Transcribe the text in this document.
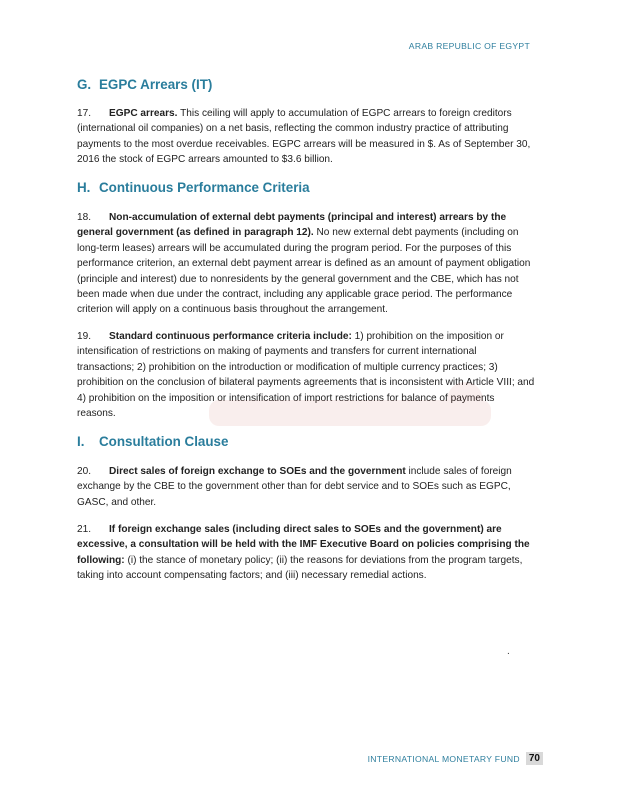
ARAB REPUBLIC OF EGYPT
G. EGPC Arrears (IT)

17. EGPC arrears. This ceiling will apply to accumulation of EGPC arrears to foreign creditors (international oil companies) on a net basis, reflecting the common industry practice of attributing payments to the most overdue receivables. EGPC arrears will be measured in $. As of September 30, 2016 the stock of EGPC arrears amounted to $3.6 billion.

H. Continuous Performance Criteria

18. Non-accumulation of external debt payments (principal and interest) arrears by the general government (as defined in paragraph 12). No new external debt payments (including on long-term leases) arrears will be accumulated during the program period. For the purposes of this performance criterion, an external debt payment arrear is defined as an amount of payment obligation (principle and interest) due to nonresidents by the general government and the CBE, which has not been made when due under the contract, including any applicable grace period. The performance criterion will apply on a continuous basis throughout the arrangement.

19. Standard continuous performance criteria include: 1) prohibition on the imposition or intensification of restrictions on making of payments and transfers for current international transactions; 2) prohibition on the introduction or modification of multiple currency practices; 3) prohibition on the conclusion of bilateral payments agreements that is inconsistent with Article VIII; and 4) prohibition on the imposition or intensification of import restrictions for balance of payments reasons.

I. Consultation Clause

20. Direct sales of foreign exchange to SOEs and the government include sales of foreign exchange by the CBE to the government other than for debt service and to SOEs such as EGPC, GASC, and other.

21. If foreign exchange sales (including direct sales to SOEs and the government) are excessive, a consultation will be held with the IMF Executive Board on policies comprising the following: (i) the stance of monetary policy; (ii) the reasons for deviations from the program targets, taking into account compensating factors; and (iii) necessary remedial actions.

.
INTERNATIONAL MONETARY FUND 70
